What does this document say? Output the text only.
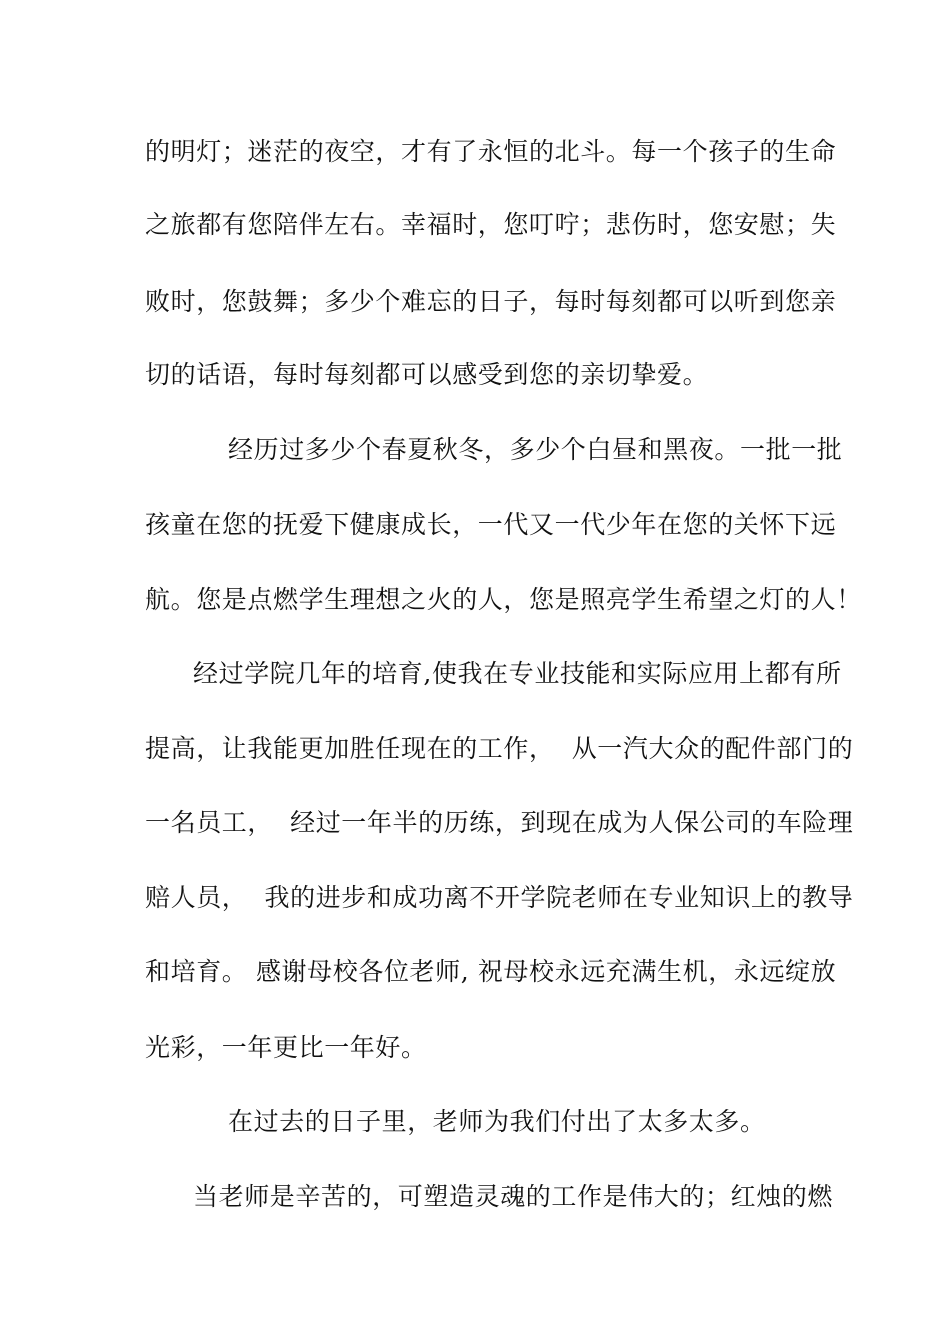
的明灯；迷茫的夜空，才有了永恒的北斗。每一个孩子的生命
之旅都有您陪伴左右。幸福时，您叮咛；悲伤时，您安慰；失
败时，您鼓舞；多少个难忘的日子，每时每刻都可以听到您亲
切的话语，每时每刻都可以感受到您的亲切挚爱。
经历过多少个春夏秋冬，多少个白昼和黑夜。一批一批
孩童在您的抚爱下健康成长，一代又一代少年在您的关怀下远
航。您是点燃学生理想之火的人，您是照亮学生希望之灯的人！
经过学院几年的培育,使我在专业技能和实际应用上都有所
提高，让我能更加胜任现在的工作，  从一汽大众的配件部门的
一名员工，  经过一年半的历练，到现在成为人保公司的车险理
赔人员，  我的进步和成功离不开学院老师在专业知识上的教导
和培育。 感谢母校各位老师, 祝母校永远充满生机，永远绽放
光彩，一年更比一年好。
在过去的日子里，老师为我们付出了太多太多。
当老师是辛苦的，可塑造灵魂的工作是伟大的；红烛的燃
